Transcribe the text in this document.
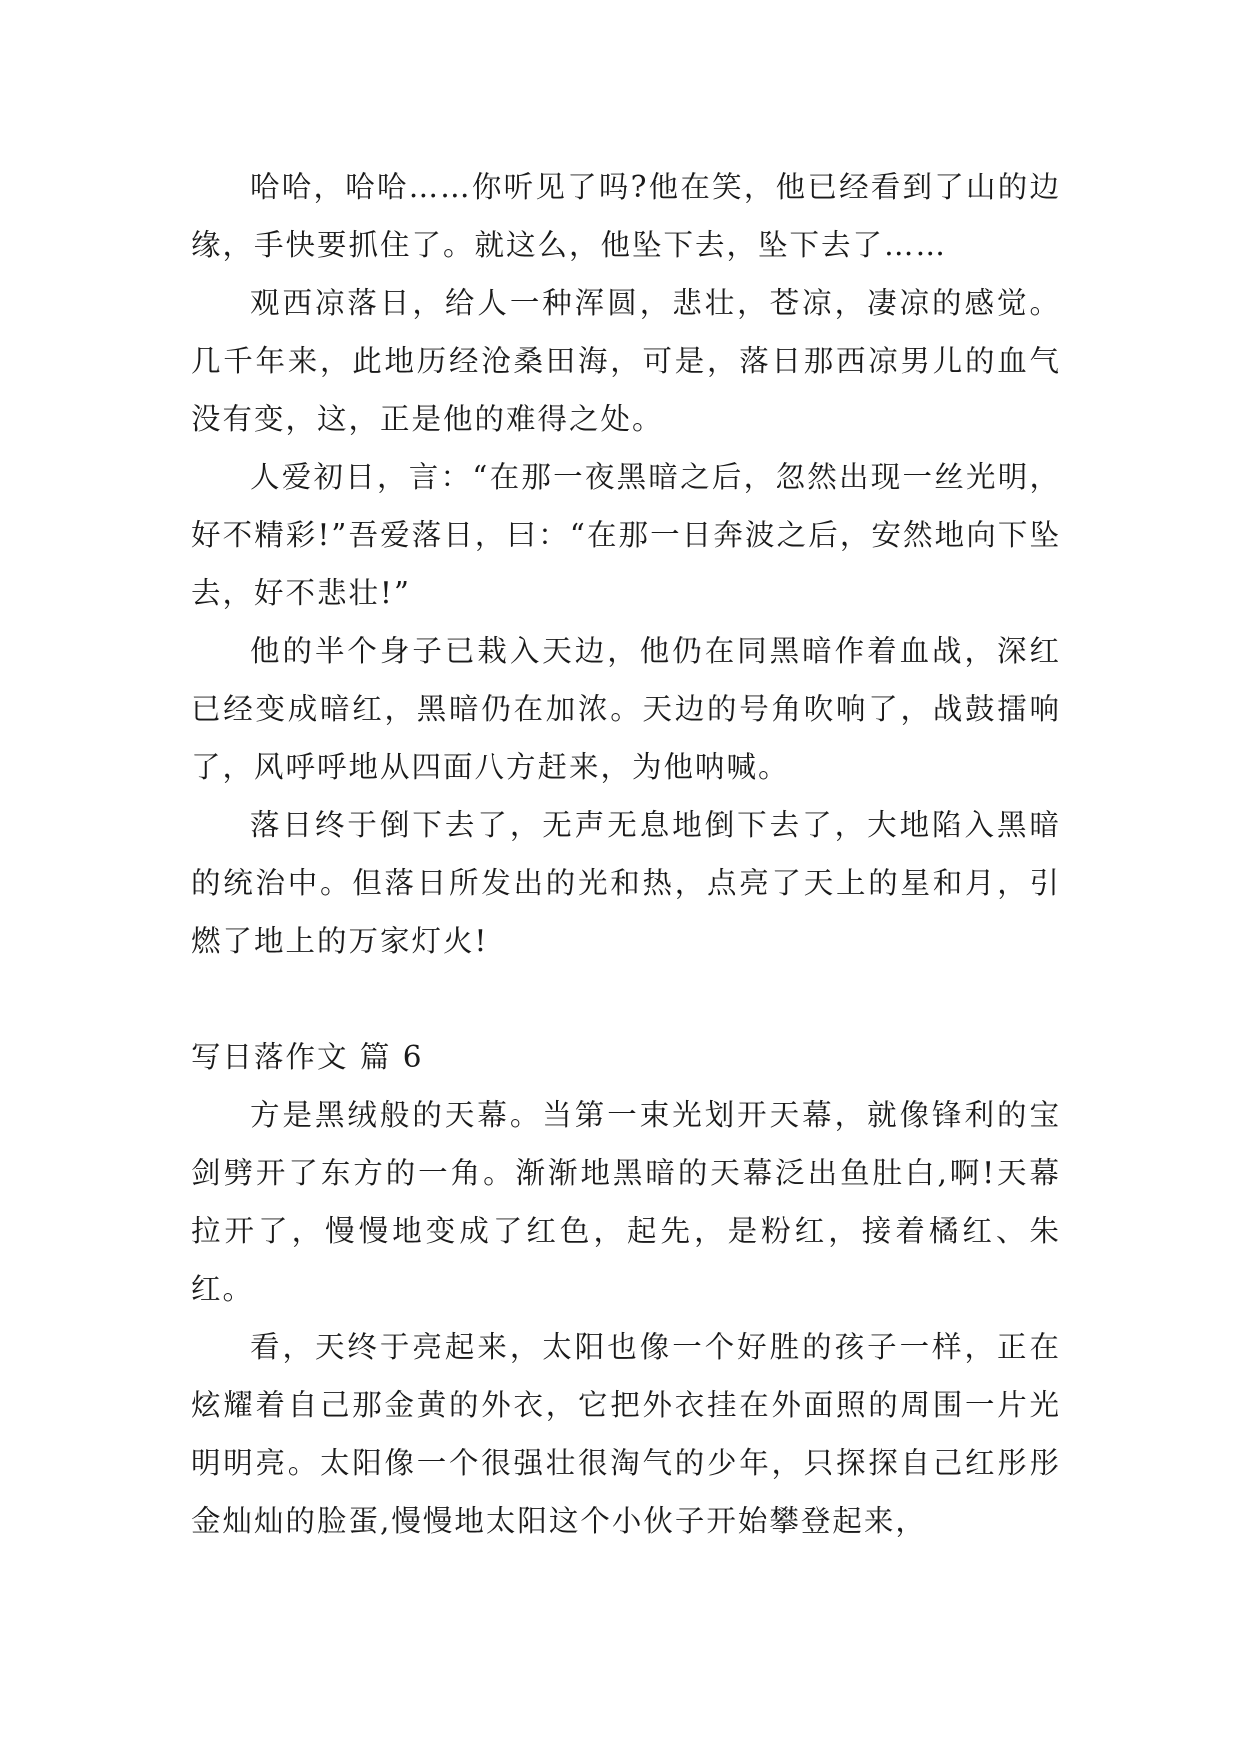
哈哈，哈哈……你听见了吗?他在笑，他已经看到了山的边缘，手快要抓住了。就这么，他坠下去，坠下去了……

观西凉落日，给人一种浑圆，悲壮，苍凉，凄凉的感觉。几千年来，此地历经沧桑田海，可是，落日那西凉男儿的血气没有变，这，正是他的难得之处。

人爱初日，言：“在那一夜黑暗之后，忽然出现一丝光明，好不精彩!”吾爱落日，曰：“在那一日奔波之后，安然地向下坠去，好不悲壮!”

他的半个身子已栽入天边，他仍在同黑暗作着血战，深红已经变成暗红，黑暗仍在加浓。天边的号角吹响了，战鼓擂响了，风呼呼地从四面八方赶来，为他呐喊。

落日终于倒下去了，无声无息地倒下去了，大地陷入黑暗的统治中。但落日所发出的光和热，点亮了天上的星和月，引燃了地上的万家灯火!

写日落作文 篇 6

方是黑绒般的天幕。当第一束光划开天幕，就像锋利的宝剑劈开了东方的一角。渐渐地黑暗的天幕泛出鱼肚白,啊!天幕拉开了，慢慢地变成了红色，起先，是粉红，接着橘红、朱红。

看，天终于亮起来，太阳也像一个好胜的孩子一样，正在炫耀着自己那金黄的外衣，它把外衣挂在外面照的周围一片光明明亮。太阳像一个很强壮很淘气的少年，只探探自己红彤彤金灿灿的脸蛋,慢慢地太阳这个小伙子开始攀登起来，
